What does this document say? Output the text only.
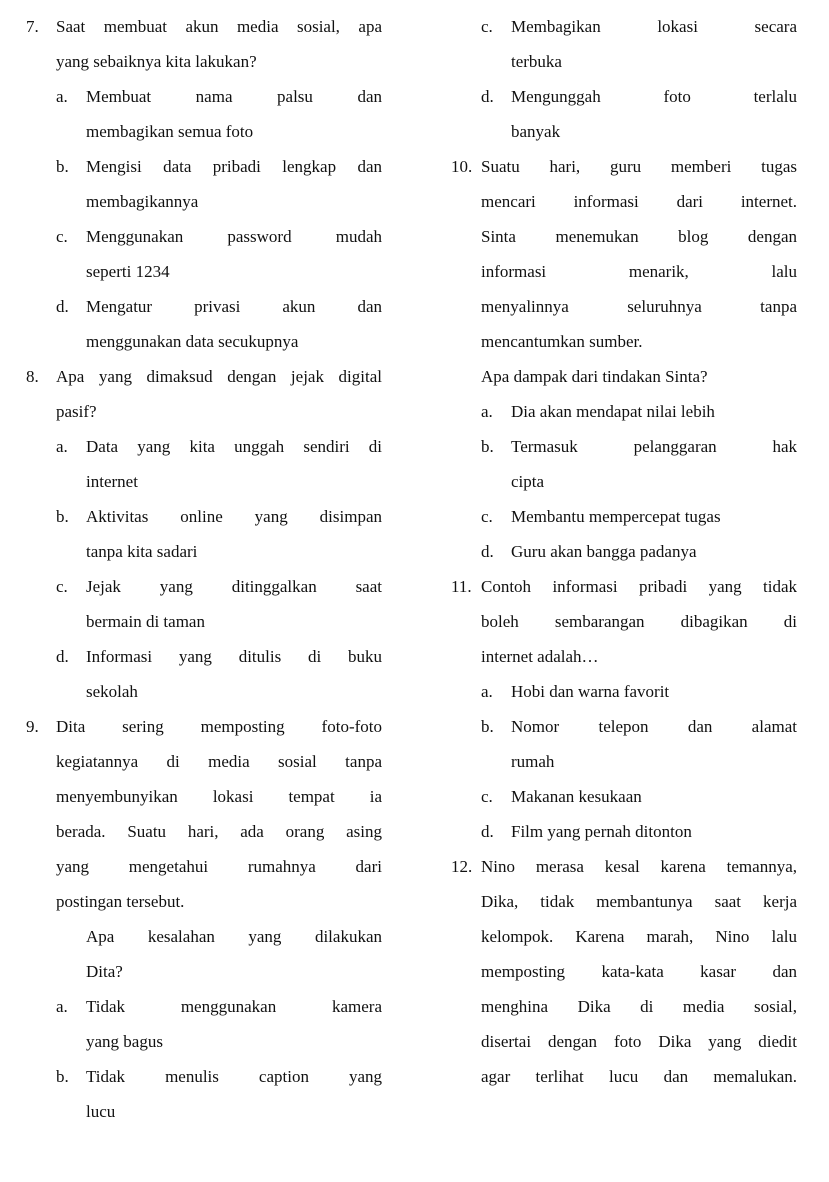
7.	Saat membuat akun media sosial, apa
yang sebaiknya kita lakukan?
a.	Membuat nama palsu dan
membagikan semua foto
b.	Mengisi data pribadi lengkap dan
membagikannya
c.	Menggunakan password mudah
seperti 1234
d.	Mengatur privasi akun dan
menggunakan data secukupnya
8.	Apa yang dimaksud dengan jejak digital
pasif?
a.	Data yang kita unggah sendiri di
internet
b.	Aktivitas online yang disimpan
tanpa kita sadari
c.	Jejak yang ditinggalkan saat
bermain di taman
d.	Informasi yang ditulis di buku
sekolah
9.	Dita sering memposting foto-foto
kegiatannya di media sosial tanpa
menyembunyikan lokasi tempat ia
berada. Suatu hari, ada orang asing
yang mengetahui rumahnya dari
postingan tersebut.
Apa kesalahan yang dilakukan
Dita?
a.	Tidak menggunakan kamera
yang bagus
b.	Tidak menulis caption yang
lucu
c.	Membagikan lokasi secara
terbuka
d.	Mengunggah foto terlalu
banyak
10. Suatu hari, guru memberi tugas
mencari informasi dari internet.
Sinta menemukan blog dengan
informasi menarik, lalu
menyalinnya seluruhnya tanpa
mencantumkan sumber.
Apa dampak dari tindakan Sinta?
a.	Dia akan mendapat nilai lebih
b.	Termasuk pelanggaran hak
cipta
c.	Membantu mempercepat tugas
d.	Guru akan bangga padanya
11. Contoh informasi pribadi yang tidak
boleh sembarangan dibagikan di
internet adalah…
a.	Hobi dan warna favorit
b.	Nomor telepon dan alamat
rumah
c.	Makanan kesukaan
d.	Film yang pernah ditonton
12. Nino merasa kesal karena temannya,
Dika, tidak membantunya saat kerja
kelompok. Karena marah, Nino lalu
memposting kata-kata kasar dan
menghina Dika di media sosial,
disertai dengan foto Dika yang diedit
agar terlihat lucu dan memalukan.
